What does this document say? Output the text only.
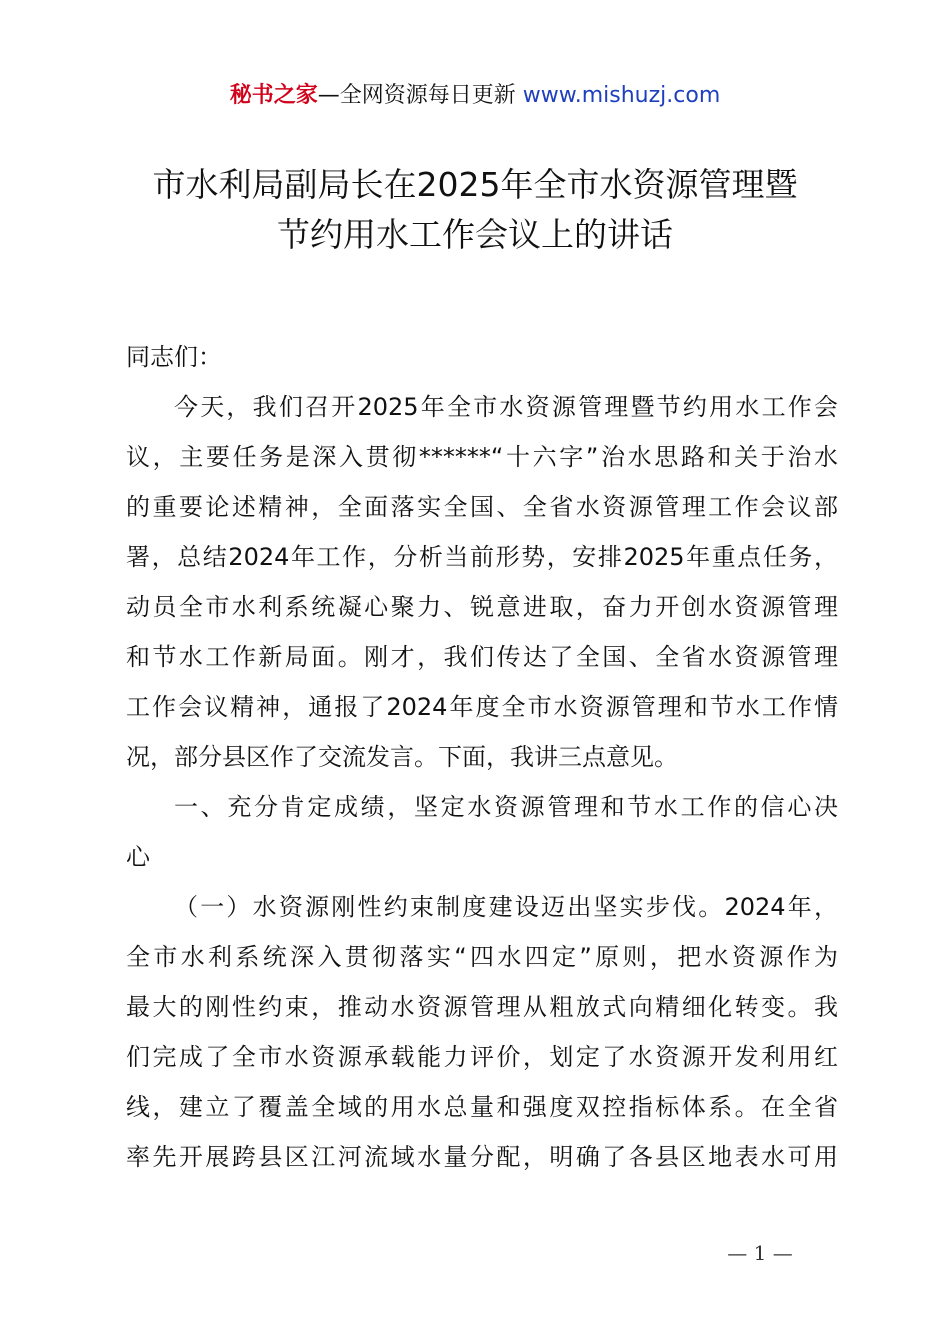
秘书之家—全网资源每日更新 www.mishuzj.com
市水利局副局长在2025年全市水资源管理暨
节约用水工作会议上的讲话
同志们：
今天，我们召开2025年全市水资源管理暨节约用水工作会
议，主要任务是深入贯彻******“十六字”治水思路和关于治水
的重要论述精神，全面落实全国、全省水资源管理工作会议部
署，总结2024年工作，分析当前形势，安排2025年重点任务，
动员全市水利系统凝心聚力、锐意进取，奋力开创水资源管理
和节水工作新局面。刚才，我们传达了全国、全省水资源管理
工作会议精神，通报了2024年度全市水资源管理和节水工作情
况，部分县区作了交流发言。下面，我讲三点意见。
一、充分肯定成绩，坚定水资源管理和节水工作的信心决
心
（一）水资源刚性约束制度建设迈出坚实步伐。2024年，
全市水利系统深入贯彻落实“四水四定”原则，把水资源作为
最大的刚性约束，推动水资源管理从粗放式向精细化转变。我
们完成了全市水资源承载能力评价，划定了水资源开发利用红
线，建立了覆盖全域的用水总量和强度双控指标体系。在全省
率先开展跨县区江河流域水量分配，明确了各县区地表水可用
— 1 —
